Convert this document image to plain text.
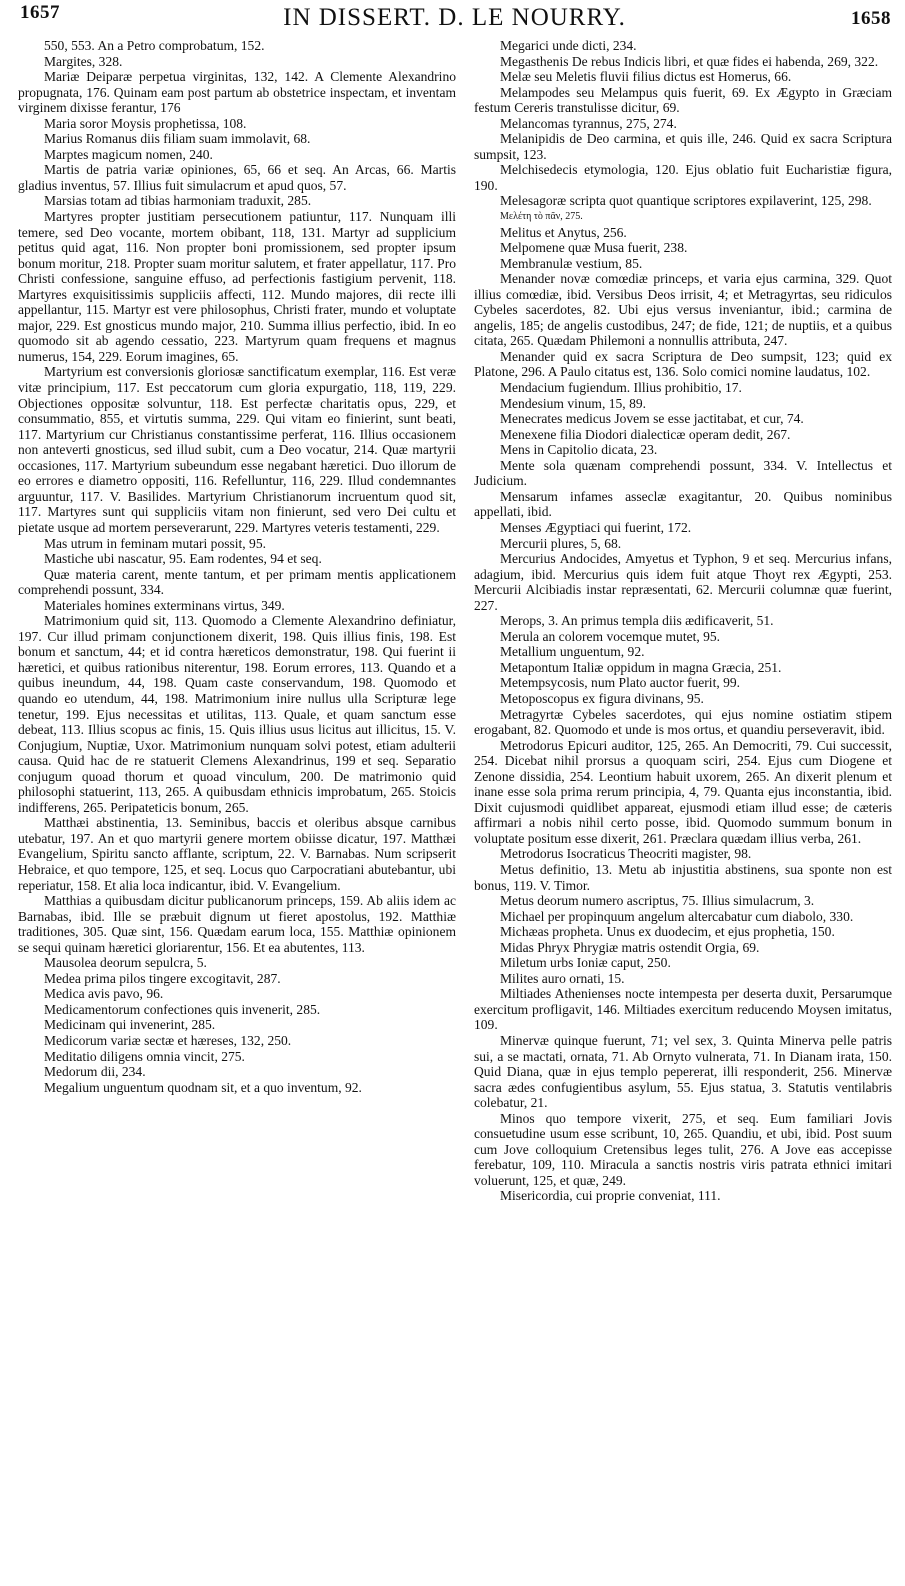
1657	IN DISSERT. D. LE NOURRY.	1658

550, 553. An a Petro comprobatum, 152.

Margites, 328.

Mariæ Deiparæ perpetua virginitas, 132, 142. A Clemente Alexandrino propugnata, 176. Quinam eam post partum ab obstetrice inspectam, et inventam virginem dixisse ferantur, 176

Maria soror Moysis prophetissa, 108.

Marius Romanus diis filiam suam immolavit, 68.

Marptes magicum nomen, 240.

Martis de patria variæ opiniones, 65, 66 et seq. An Arcas, 66. Martis gladius inventus, 57. Illius fuit simulacrum et apud quos, 57.

Marsias totam ad tibias harmoniam traduxit, 285.

Martyres propter justitiam persecutionem patiuntur, 117. Nunquam illi temere, sed Deo vocante, mortem obibant, 118, 131. Martyr ad supplicium petitus quid agat, 116. Non propter boni promissionem, sed propter ipsum bonum moritur, 218. Propter suam moritur salutem, et frater appellatur, 117. Pro Christi confessione, sanguine effuso, ad perfectionis fastigium pervenit, 118. Martyres exquisitissimis suppliciis affecti, 112. Mundo majores, dii recte illi appellantur, 115. Martyr est vere philosophus, Christi frater, mundo et voluptate major, 229. Est gnosticus mundo major, 210. Summa illius perfectio, ibid. In eo quomodo sit ab agendo cessatio, 223. Martyrum quam frequens et magnus numerus, 154, 229. Eorum imagines, 65.

Martyrium est conversionis gloriosæ sanctificatum exemplar, 116. Est veræ vitæ principium, 117. Est peccatorum cum gloria expurgatio, 118, 119, 229. Objectiones oppositæ solvuntur, 118. Est perfectæ charitatis opus, 229, et consummatio, 855, et virtutis summa, 229. Qui vitam eo finierint, sunt beati, 117. Martyrium cur Christianus constantissime perferat, 116. Illius occasionem non anteverti gnosticus, sed illud subit, cum a Deo vocatur, 214. Quæ martyrii occasiones, 117. Martyrium subeundum esse negabant hæretici. Duo illorum de eo errores e diametro oppositi, 116. Refelluntur, 116, 229. Illud condemnantes arguuntur, 117. V. Basilides. Martyrium Christianorum incruentum quod sit, 117. Martyres sunt qui suppliciis vitam non finierunt, sed vero Dei cultu et pietate usque ad mortem perseverarunt, 229. Martyres veteris testamenti, 229.

Mas utrum in feminam mutari possit, 95.

Mastiche ubi nascatur, 95. Eam rodentes, 94 et seq.

Quæ materia carent, mente tantum, et per primam mentis applicationem comprehendi possunt, 334.

Materiales homines exterminans virtus, 349.

Matrimonium quid sit, 113. Quomodo a Clemente Alexandrino definiatur, 197. Cur illud primam conjunctionem dixerit, 198. Quis illius finis, 198. Est bonum et sanctum, 44; et id contra hæreticos demonstratur, 198. Qui fuerint ii hæretici, et quibus rationibus niterentur, 198. Eorum errores, 113. Quando et a quibus ineundum, 44, 198. Quam caste conservandum, 198. Quomodo et quando eo utendum, 44, 198. Matrimonium inire nullus ulla Scripturæ lege tenetur, 199. Ejus necessitas et utilitas, 113. Quale, et quam sanctum esse debeat, 113. Illius scopus ac finis, 15. Quis illius usus licitus aut illicitus, 15. V. Conjugium, Nuptiæ, Uxor. Matrimonium nunquam solvi potest, etiam adulterii causa. Quid hac de re statuerit Clemens Alexandrinus, 199 et seq. Separatio conjugum quoad thorum et quoad vinculum, 200. De matrimonio quid philosophi statuerint, 113, 265. A quibusdam ethnicis improbatum, 265. Stoicis indifferens, 265. Peripateticis bonum, 265.

Matthæi abstinentia, 13. Seminibus, baccis et oleribus absque carnibus utebatur, 197. An et quo martyrii genere mortem obiisse dicatur, 197. Matthæi Evangelium, Spiritu sancto afflante, scriptum, 22. V. Barnabas. Num scripserit Hebraice, et quo tempore, 125, et seq. Locus quo Carpocratiani abutebantur, ubi reperiatur, 158. Et alia loca indicantur, ibid. V. Evangelium.

Matthias a quibusdam dicitur publicanorum princeps, 159. Ab aliis idem ac Barnabas, ibid. Ille se præbuit dignum ut fieret apostolus, 192. Matthiæ traditiones, 305. Quæ sint, 156. Quædam earum loca, 155. Matthiæ opinionem se sequi quinam hæretici gloriarentur, 156. Et ea abutentes, 113.

Mausolea deorum sepulcra, 5.

Medea prima pilos tingere excogitavit, 287.

Medica avis pavo, 96.

Medicamentorum confectiones quis invenerit, 285.

Medicinam qui invenerint, 285.

Medicorum variæ sectæ et hæreses, 132, 250.

Meditatio diligens omnia vincit, 275.

Medorum dii, 234.

Megalium unguentum quodnam sit, et a quo inventum, 92.

Megarici unde dicti, 234.

Megasthenis De rebus Indicis libri, et quæ fides ei habenda, 269, 322.

Melæ seu Meletis fluvii filius dictus est Homerus, 66.

Melampodes seu Melampus quis fuerit, 69. Ex Ægypto in Græciam festum Cereris transtulisse dicitur, 69.

Melancomas tyrannus, 275, 274.

Melanipidis de Deo carmina, et quis ille, 246. Quid ex sacra Scriptura sumpsit, 123.

Melchisedecis etymologia, 120. Ejus oblatio fuit Eucharistiæ figura, 190.

Melesagoræ scripta quot quantique scriptores expilaverint, 125, 298.

Μελέτη τὸ πᾶν, 275.

Melitus et Anytus, 256.

Melpomene quæ Musa fuerit, 238.

Membranulæ vestium, 85.

Menander novæ comœdiæ princeps, et varia ejus carmina, 329. Quot illius comœdiæ, ibid. Versibus Deos irrisit, 4; et Metragyrtas, seu ridiculos Cybeles sacerdotes, 82. Ubi ejus versus inveniantur, ibid.; carmina de angelis, 185; de angelis custodibus, 247; de fide, 121; de nuptiis, et a quibus citata, 265. Quædam Philemoni a nonnullis attributa, 247.

Menander quid ex sacra Scriptura de Deo sumpsit, 123; quid ex Platone, 296. A Paulo citatus est, 136. Solo comici nomine laudatus, 102.

Mendacium fugiendum. Illius prohibitio, 17.

Mendesium vinum, 15, 89.

Menecrates medicus Jovem se esse jactitabat, et cur, 74.

Menexene filia Diodori dialecticæ operam dedit, 267.

Mens in Capitolio dicata, 23.

Mente sola quænam comprehendi possunt, 334. V. Intellectus et Judicium.

Mensarum infames asseclæ exagitantur, 20. Quibus nominibus appellati, ibid.

Menses Ægyptiaci qui fuerint, 172.

Mercurii plures, 5, 68.

Mercurius Andocides, Amyetus et Typhon, 9 et seq. Mercurius infans, adagium, ibid. Mercurius quis idem fuit atque Thoyt rex Ægypti, 253. Mercurii Alcibiadis instar repræsentati, 62. Mercurii columnæ quæ fuerint, 227.

Merops, 3. An primus templa diis ædificaverit, 51.

Merula an colorem vocemque mutet, 95.

Metallium unguentum, 92.

Metapontum Italiæ oppidum in magna Græcia, 251.

Metempsycosis, num Plato auctor fuerit, 99.

Metoposcopus ex figura divinans, 95.

Metragyrtæ Cybeles sacerdotes, qui ejus nomine ostiatim stipem erogabant, 82. Quomodo et unde is mos ortus, et quandiu perseveravit, ibid.

Metrodorus Epicuri auditor, 125, 265. An Democriti, 79. Cui successit, 254. Dicebat nihil prorsus a quoquam sciri, 254. Ejus cum Diogene et Zenone dissidia, 254. Leontium habuit uxorem, 265. An dixerit plenum et inane esse sola prima rerum principia, 4, 79. Quanta ejus inconstantia, ibid. Dixit cujusmodi quidlibet appareat, ejusmodi etiam illud esse; de cæteris affirmari a nobis nihil certo posse, ibid. Quomodo summum bonum in voluptate positum esse dixerit, 261. Præclara quædam illius verba, 261.

Metrodorus Isocraticus Theocriti magister, 98.

Metus definitio, 13. Metu ab injustitia abstinens, sua sponte non est bonus, 119. V. Timor.

Metus deorum numero ascriptus, 75. Illius simulacrum, 3.

Michael per propinquum angelum altercabatur cum diabolo, 330.

Michæas propheta. Unus ex duodecim, et ejus prophetia, 150.

Midas Phryx Phrygiæ matris ostendit Orgia, 69.

Miletum urbs Ioniæ caput, 250.

Milites auro ornati, 15.

Miltiades Athenienses nocte intempesta per deserta duxit, Persarumque exercitum profligavit, 146. Miltiades exercitum reducendo Moysen imitatus, 109.

Minervæ quinque fuerunt, 71; vel sex, 3. Quinta Minerva pelle patris sui, a se mactati, ornata, 71. Ab Ornyto vulnerata, 71. In Dianam irata, 150. Quid Diana, quæ in ejus templo pepererat, illi responderit, 256. Minervæ sacra ædes confugientibus asylum, 55. Ejus statua, 3. Statutis ventilabris colebatur, 21.

Minos quo tempore vixerit, 275, et seq. Eum familiari Jovis consuetudine usum esse scribunt, 10, 265. Quandiu, et ubi, ibid. Post suum cum Jove colloquium Cretensibus leges tulit, 276. A Jove eas accepisse ferebatur, 109, 110. Miracula a sanctis nostris viris patrata ethnici imitari voluerunt, 125, et quæ, 249.

Misericordia, cui proprie conveniat, 111.
